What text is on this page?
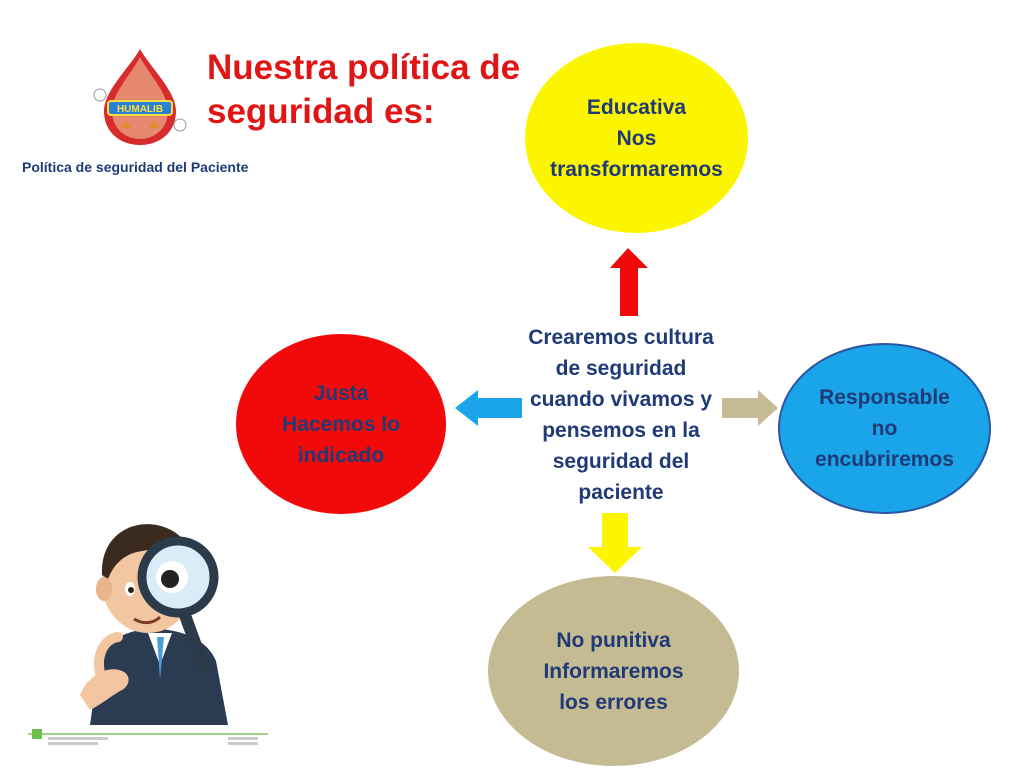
HUMALIB
Nuestra política de seguridad es:
Política de seguridad del Paciente
Educativa
Nos
transformaremos
Justa
Hacemos lo
indicado
Responsable
no
encubriremos
No punitiva
Informaremos
los errores
Crearemos cultura
de seguridad
cuando vivamos y
pensemos en la
seguridad del
paciente
